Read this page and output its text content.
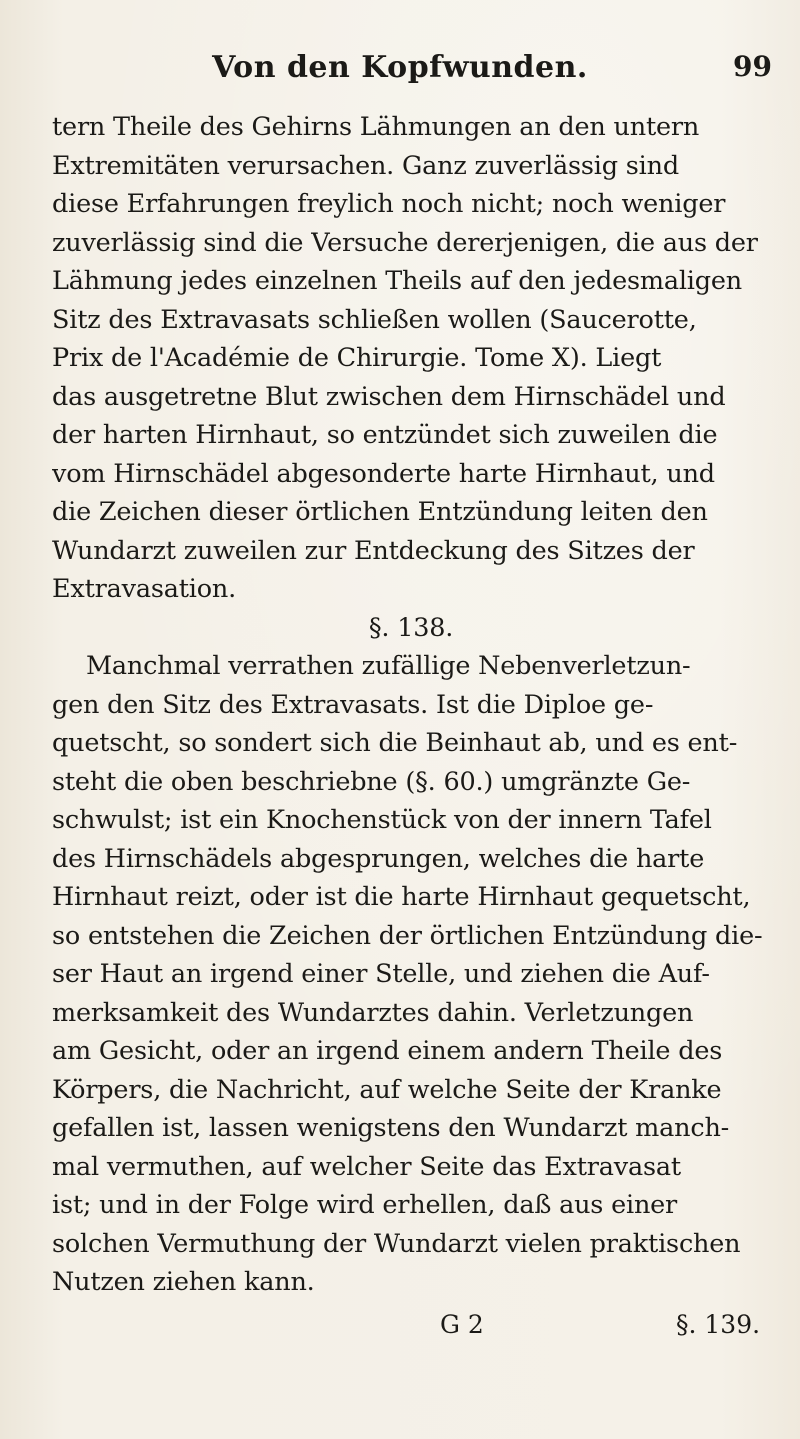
Von den Kopfwunden.	99
tern Theile des Gehirns Lähmungen an den untern
Extremitäten verursachen. Ganz zuverlässig sind
diese Erfahrungen freylich noch nicht; noch weniger
zuverlässig sind die Versuche dererjenigen, die aus der
Lähmung jedes einzelnen Theils auf den jedesmaligen
Sitz des Extravasats schließen wollen (Saucerotte,
Prix de l'Académie de Chirurgie. Tome X). Liegt
das ausgetretne Blut zwischen dem Hirnschädel und
der harten Hirnhaut, so entzündet sich zuweilen die
vom Hirnschädel abgesonderte harte Hirnhaut, und
die Zeichen dieser örtlichen Entzündung leiten den
Wundarzt zuweilen zur Entdeckung des Sitzes der
Extravasation.
§. 138.
Manchmal verrathen zufällige Nebenverletzun-
gen den Sitz des Extravasats. Ist die Diploe ge-
quetscht, so sondert sich die Beinhaut ab, und es ent-
steht die oben beschriebne (§. 60.) umgränzte Ge-
schwulst; ist ein Knochenstück von der innern Tafel
des Hirnschädels abgesprungen, welches die harte
Hirnhaut reizt, oder ist die harte Hirnhaut gequetscht,
so entstehen die Zeichen der örtlichen Entzündung die-
ser Haut an irgend einer Stelle, und ziehen die Auf-
merksamkeit des Wundarztes dahin. Verletzungen
am Gesicht, oder an irgend einem andern Theile des
Körpers, die Nachricht, auf welche Seite der Kranke
gefallen ist, lassen wenigstens den Wundarzt manch-
mal vermuthen, auf welcher Seite das Extravasat
ist; und in der Folge wird erhellen, daß aus einer
solchen Vermuthung der Wundarzt vielen praktischen
Nutzen ziehen kann.
G 2	§. 139.
